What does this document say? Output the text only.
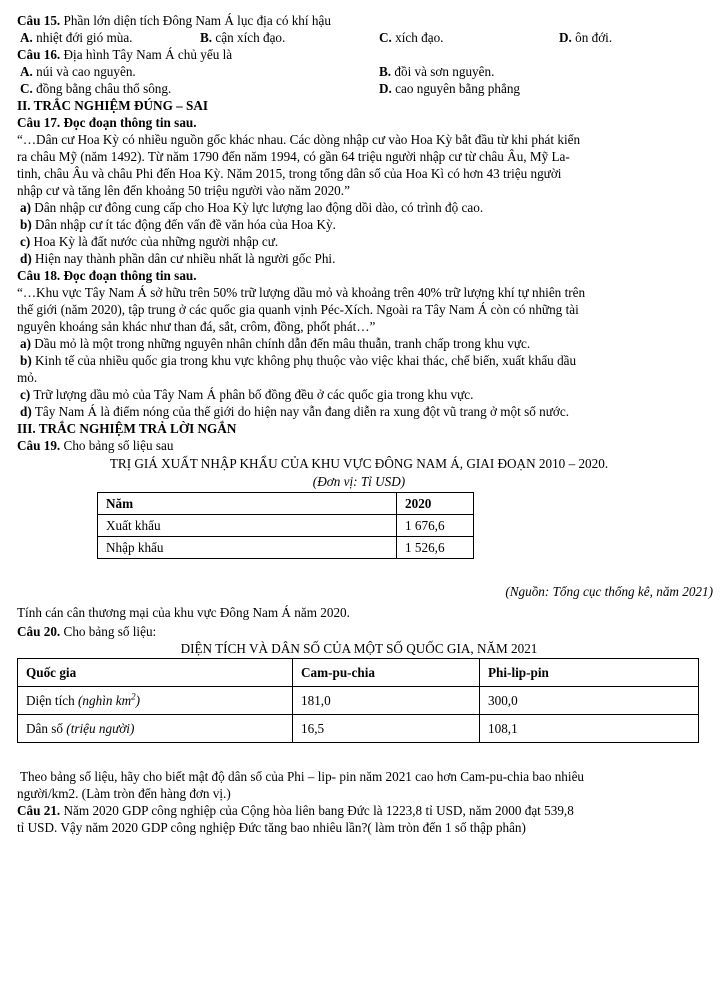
Câu 15. Phần lớn diện tích Đông Nam Á lục địa có khí hậu
A. nhiệt đới gió mùa.	B. cận xích đạo.	C. xích đạo.	D. ôn đới.
Câu 16. Địa hình Tây Nam Á chủ yếu là
A. núi và cao nguyên.	B. đồi và sơn nguyên.
C. đồng bằng châu thổ sông.	D. cao nguyên bằng phẳng
II. TRẮC NGHIỆM ĐÚNG – SAI
Câu 17. Đọc đoạn thông tin sau.
“…Dân cư Hoa Kỳ có nhiều nguồn gốc khác nhau. Các dòng nhập cư vào Hoa Kỳ bắt đầu từ khi phát kiến
ra châu Mỹ (năm 1492). Từ năm 1790 đến năm 1994, có gần 64 triệu người nhập cư từ châu Âu, Mỹ La-
tinh, châu Âu và châu Phi đến Hoa Kỳ. Năm 2015, trong tổng dân số của Hoa Kì có hơn 43 triệu người
nhập cư và tăng lên đến khoảng 50 triệu người vào năm 2020.”
a) Dân nhập cư đông cung cấp cho Hoa Kỳ lực lượng lao động dồi dào, có trình độ cao.
b) Dân nhập cư ít tác động đến vấn đề văn hóa của Hoa Kỳ.
c) Hoa Kỳ là đất nước của những người nhập cư.
d) Hiện nay thành phần dân cư nhiều nhất là người gốc Phi.
Câu 18. Đọc đoạn thông tin sau.
“…Khu vực Tây Nam Á sở hữu trên 50% trữ lượng dầu mỏ và khoảng trên 40% trữ lượng khí tự nhiên trên
thế giới (năm 2020), tập trung ở các quốc gia quanh vịnh Péc-Xích. Ngoài ra Tây Nam Á còn có những tài
nguyên khoáng sản khác như than đá, sắt, crôm, đồng, phốt phát…”
a) Dầu mỏ là một trong những nguyên nhân chính dẫn đến mâu thuẫn, tranh chấp trong khu vực.
b) Kinh tế của nhiều quốc gia trong khu vực không phụ thuộc vào việc khai thác, chế biến, xuất khẩu dầu
mỏ.
c) Trữ lượng dầu mỏ của Tây Nam Á phân bố đồng đều ở các quốc gia trong khu vực.
d) Tây Nam Á là điểm nóng của thế giới do hiện nay vẫn đang diễn ra xung đột vũ trang ở một số nước.
III. TRẮC NGHIỆM TRẢ LỜI NGẮN
Câu 19. Cho bảng số liệu sau
TRỊ GIÁ XUẤT NHẬP KHẨU CỦA KHU VỰC ĐÔNG NAM Á, GIAI ĐOẠN 2010 – 2020.
(Đơn vị: Tỉ USD)
Năm	2020
Xuất khẩu	1 676,6
Nhập khẩu	1 526,6
(Nguồn: Tổng cục thống kê, năm 2021)
Tính cán cân thương mại của khu vực Đông Nam Á năm 2020.
Câu 20. Cho bảng số liệu:
DIỆN TÍCH VÀ DÂN SỐ CỦA MỘT SỐ QUỐC GIA, NĂM 2021
Quốc gia	Cam-pu-chia	Phi-lip-pin
Diện tích (nghìn $km^2$)	181,0	300,0
Dân số (triệu người)	16,5	108,1
Theo bảng số liệu, hãy cho biết mật độ dân số của Phi – lip- pin năm 2021 cao hơn Cam-pu-chia bao nhiêu
người/km2. (Làm tròn đến hàng đơn vị.)
Câu 21. Năm 2020 GDP công nghiệp của Cộng hòa liên bang Đức là 1223,8 tỉ USD, năm 2000 đạt 539,8
tỉ USD. Vậy năm 2020 GDP công nghiệp Đức tăng bao nhiêu lần?( làm tròn đến 1 số thập phân)
